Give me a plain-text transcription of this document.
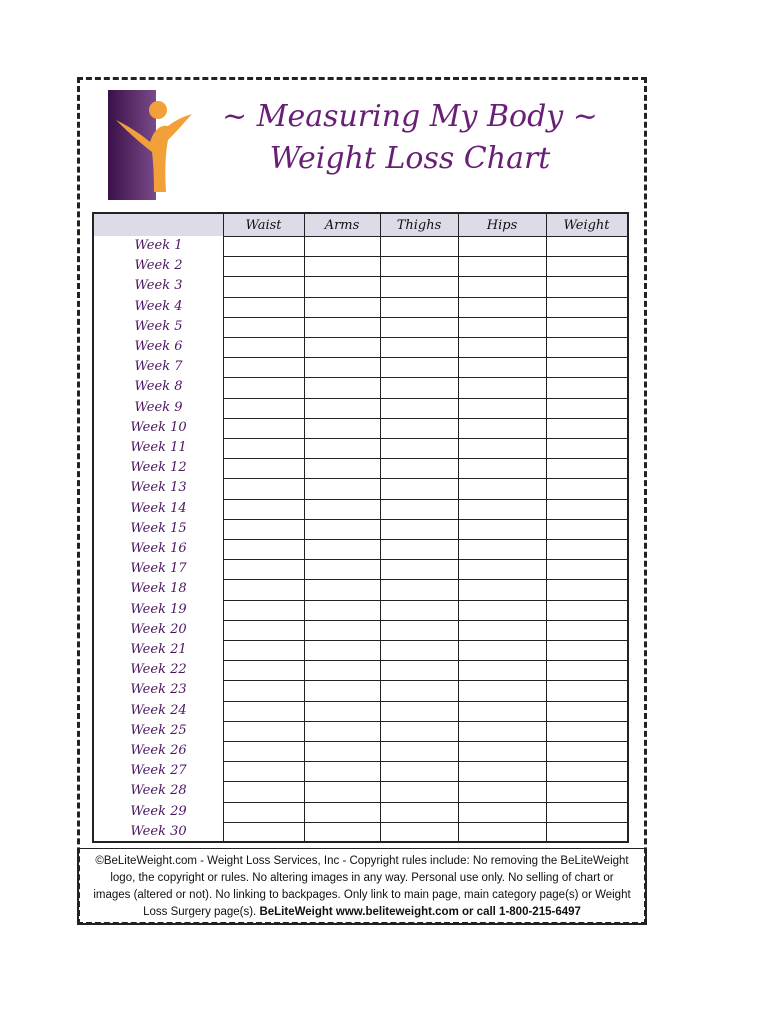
~ Measuring My Body ~
Weight Loss Chart
Waist	Arms	Thighs	Hips	Weight
Week 1
Week 2
Week 3
Week 4
Week 5
Week 6
Week 7
Week 8
Week 9
Week 10
Week 11
Week 12
Week 13
Week 14
Week 15
Week 16
Week 17
Week 18
Week 19
Week 20
Week 21
Week 22
Week 23
Week 24
Week 25
Week 26
Week 27
Week 28
Week 29
Week 30
©BeLiteWeight.com - Weight Loss Services, Inc - Copyright rules include: No removing the BeLiteWeight logo, the copyright or rules. No altering images in any way. Personal use only. No selling of chart or images (altered or not). No linking to backpages. Only link to main page, main category page(s) or Weight Loss Surgery page(s). BeLiteWeight www.beliteweight.com or call 1-800-215-6497
